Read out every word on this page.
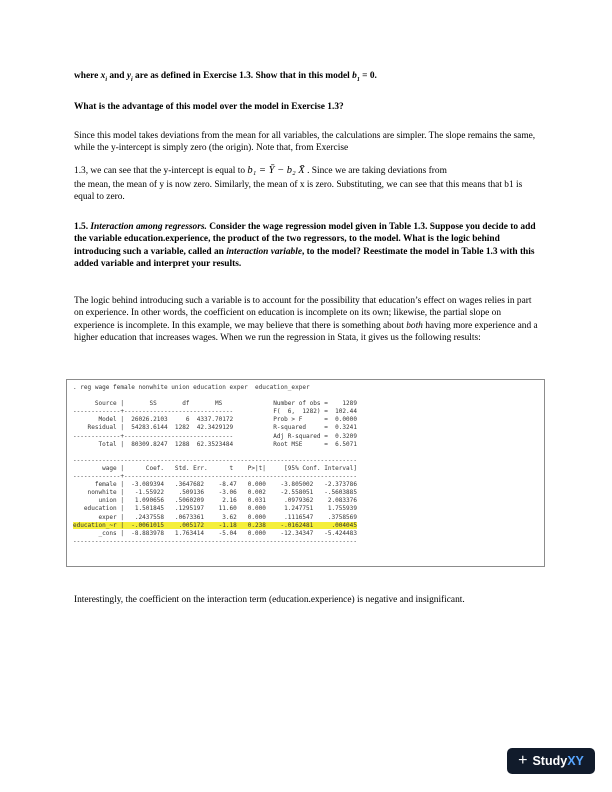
where $x_i$ and $y_i$ are as defined in Exercise 1.3. Show that in this model $b_1 = 0$.

What is the advantage of this model over the model in Exercise 1.3?

Since this model takes deviations from the mean for all variables, the calculations are simpler. The slope remains the same, while the y-intercept is simply zero (the origin). Note that, from Exercise

1.3, we can see that the y-intercept is equal to b₁ = Ȳ − b₂ X̄ . Since we are taking deviations from

the mean, the mean of y is now zero. Similarly, the mean of x is zero. Substituting, we can see that this means that b1 is equal to zero.

1.5. Interaction among regressors. Consider the wage regression model given in Table 1.3. Suppose you decide to add the variable education.experience, the product of the two regressors, to the model. What is the logic behind introducing such a variable, called an interaction variable, to the model? Reestimate the model in Table 1.3 with this added variable and interpret your results.

The logic behind introducing such a variable is to account for the possibility that education’s effect on wages relies in part on experience. In other words, the coefficient on education is incomplete on its own; likewise, the partial slope on experience is incomplete. In this example, we may believe that there is something about both having more experience and a higher education that increases wages. When we run the regression in Stata, it gives us the following results:

. reg wage female nonwhite union education exper  education_exper

Source |       SS       df       MS              Number of obs =    1289
-------------+------------------------------           F(  6,  1282) =  102.44
Model |  26026.2103     6  4337.70172           Prob > F      =  0.0000
Residual |  54283.6144  1282  42.3429129           R-squared     =  0.3241
-------------+------------------------------           Adj R-squared =  0.3209
Total |  80309.8247  1288  62.3523484           Root MSE      =  6.5071

------------------------------------------------------------------------------
wage |      Coef.   Std. Err.      t    P>|t|     [95% Conf. Interval]
-------------+----------------------------------------------------------------
female |  -3.089394   .3647682    -8.47   0.000    -3.805002   -2.373786
nonwhite |   -1.55922    .509136    -3.06   0.002    -2.558051   -.5603885
union |   1.090656   .5060209     2.16   0.031     .0979362    2.083376
education |   1.501845   .1295197    11.60   0.000     1.247751    1.755939
exper |   .2437558   .0673361     3.62   0.000     .1116547    .3758569
education_~r |  -.0061015    .005172    -1.18   0.238    -.0162481     .004045
_cons |  -8.883978   1.763414    -5.04   0.000    -12.34347   -5.424483
------------------------------------------------------------------------------

Interestingly, the coefficient on the interaction term (education.experience) is negative and insignificant.

+ Study XY
